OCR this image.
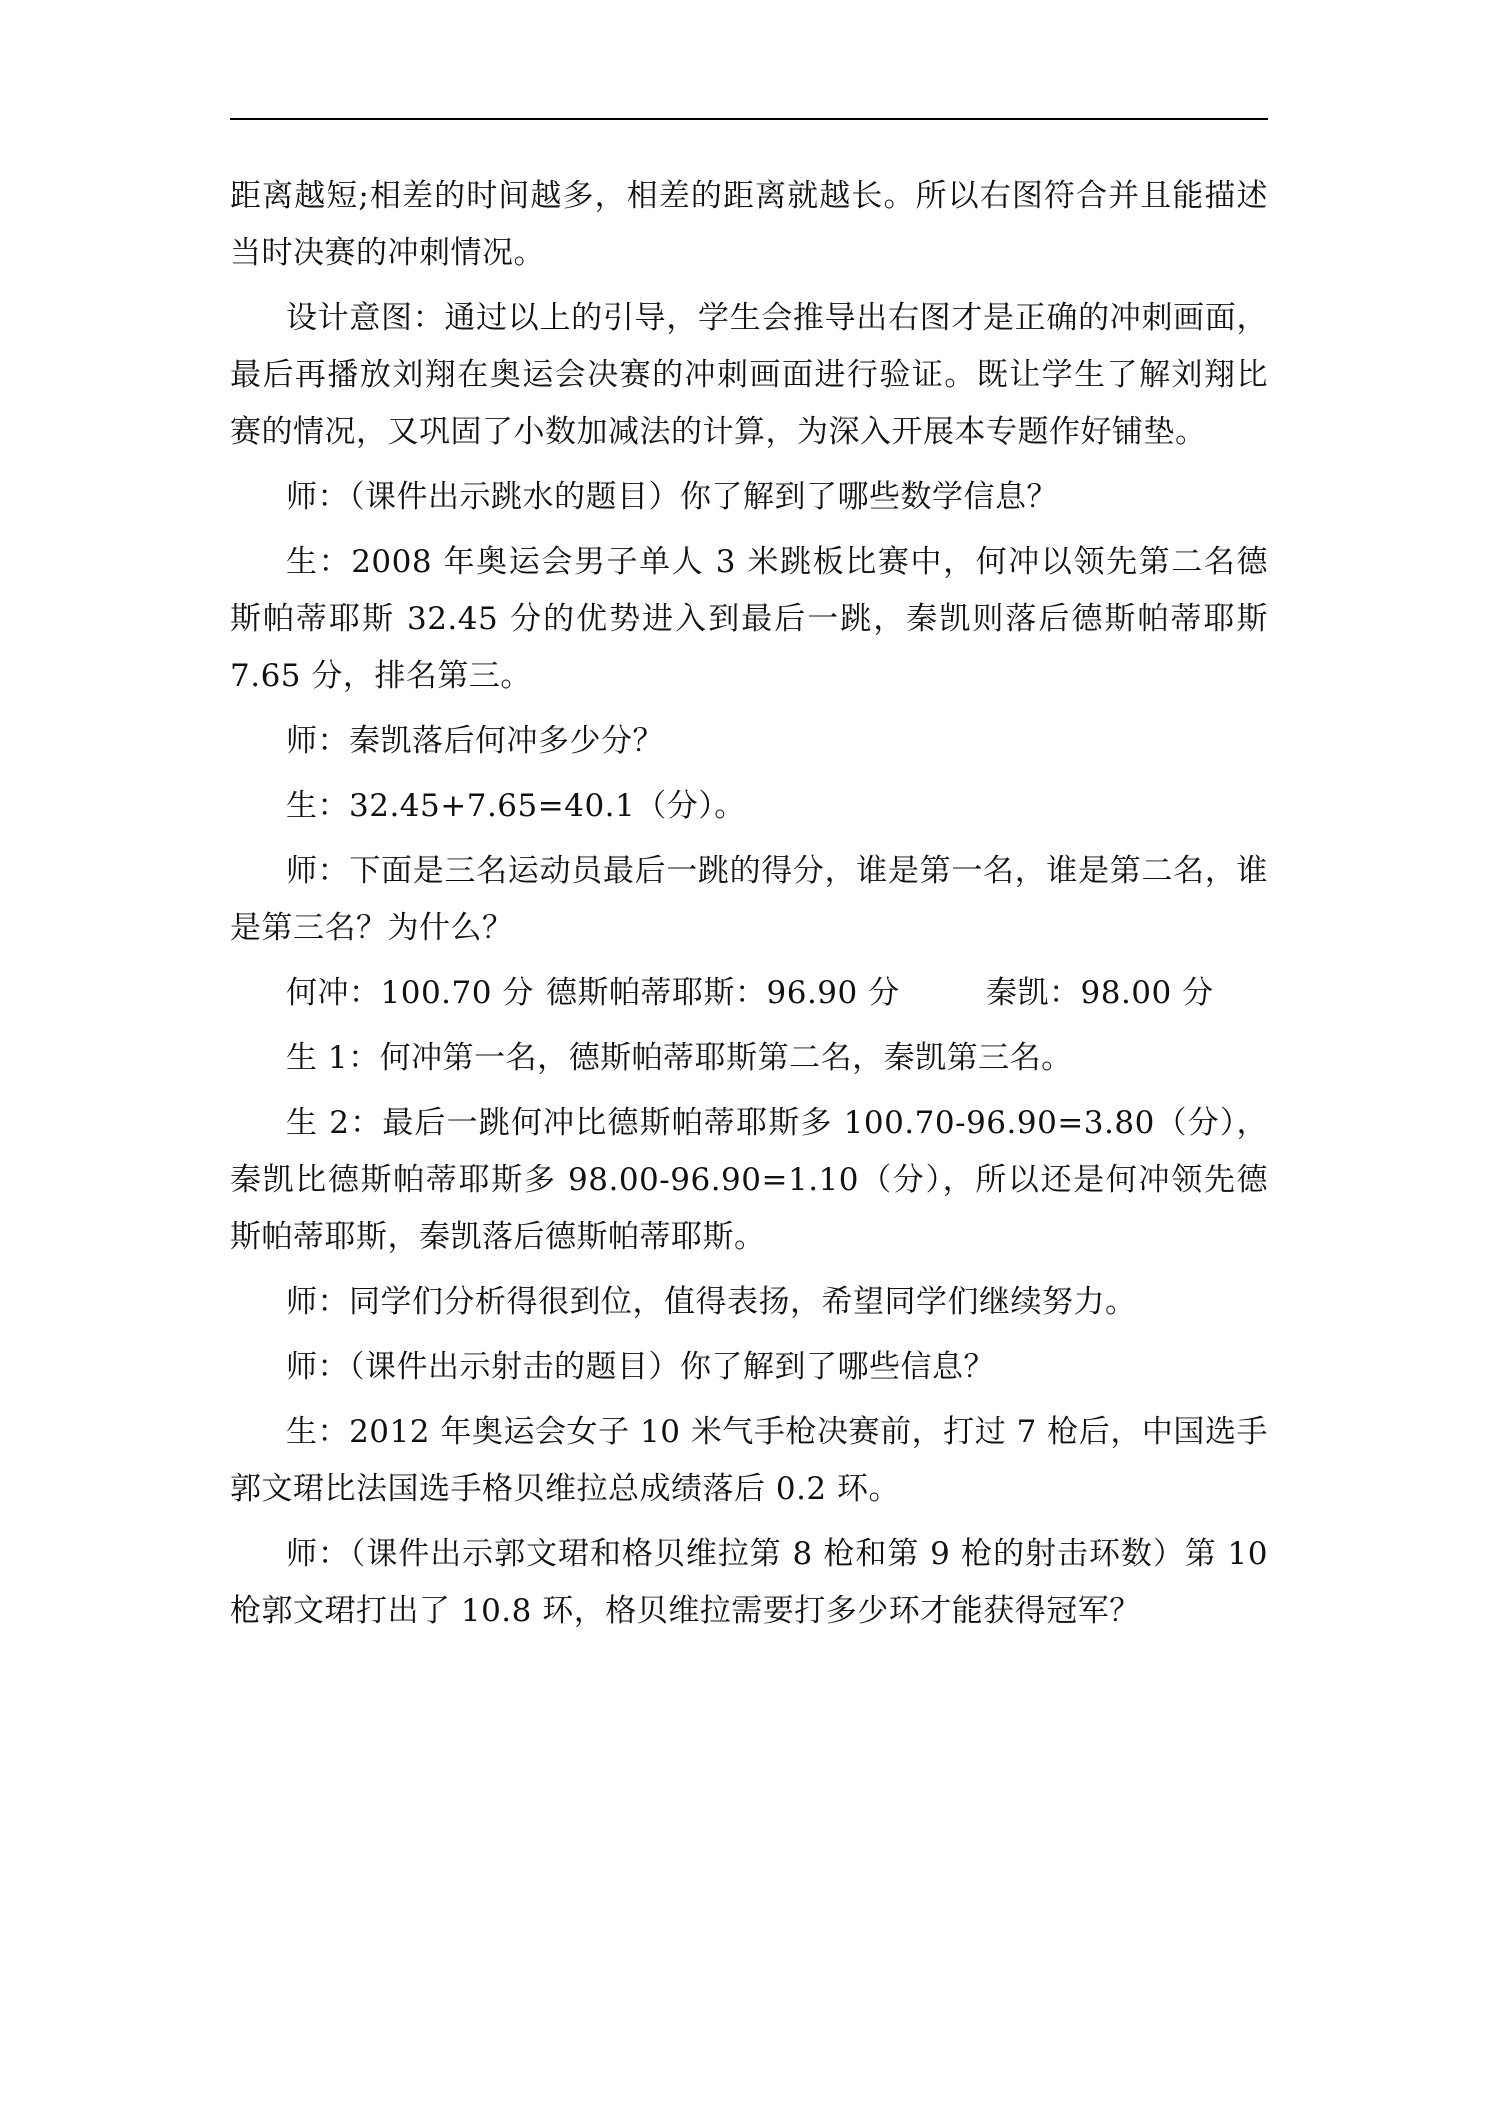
距离越短;相差的时间越多，相差的距离就越长。所以右图符合并且能描述当时决赛的冲刺情况。

设计意图：通过以上的引导，学生会推导出右图才是正确的冲刺画面，最后再播放刘翔在奥运会决赛的冲刺画面进行验证。既让学生了解刘翔比赛的情况，又巩固了小数加减法的计算，为深入开展本专题作好铺垫。

师：（课件出示跳水的题目）你了解到了哪些数学信息？

生：2008 年奥运会男子单人 3 米跳板比赛中，何冲以领先第二名德斯帕蒂耶斯 32.45 分的优势进入到最后一跳，秦凯则落后德斯帕蒂耶斯 7.65 分，排名第三。

师：秦凯落后何冲多少分？

生：32.45+7.65=40.1（分）。

师：下面是三名运动员最后一跳的得分，谁是第一名，谁是第二名，谁是第三名？为什么？

何冲：100.70 分 德斯帕蒂耶斯：96.90 分	秦凯：98.00 分

生 1：何冲第一名，德斯帕蒂耶斯第二名，秦凯第三名。

生 2：最后一跳何冲比德斯帕蒂耶斯多 100.70-96.90=3.80（分），秦凯比德斯帕蒂耶斯多 98.00-96.90=1.10（分），所以还是何冲领先德斯帕蒂耶斯，秦凯落后德斯帕蒂耶斯。

师：同学们分析得很到位，值得表扬，希望同学们继续努力。

师：（课件出示射击的题目）你了解到了哪些信息？

生：2012 年奥运会女子 10 米气手枪决赛前，打过 7 枪后，中国选手郭文珺比法国选手格贝维拉总成绩落后 0.2 环。

师：（课件出示郭文珺和格贝维拉第 8 枪和第 9 枪的射击环数）第 10 枪郭文珺打出了 10.8 环，格贝维拉需要打多少环才能获得冠军？
